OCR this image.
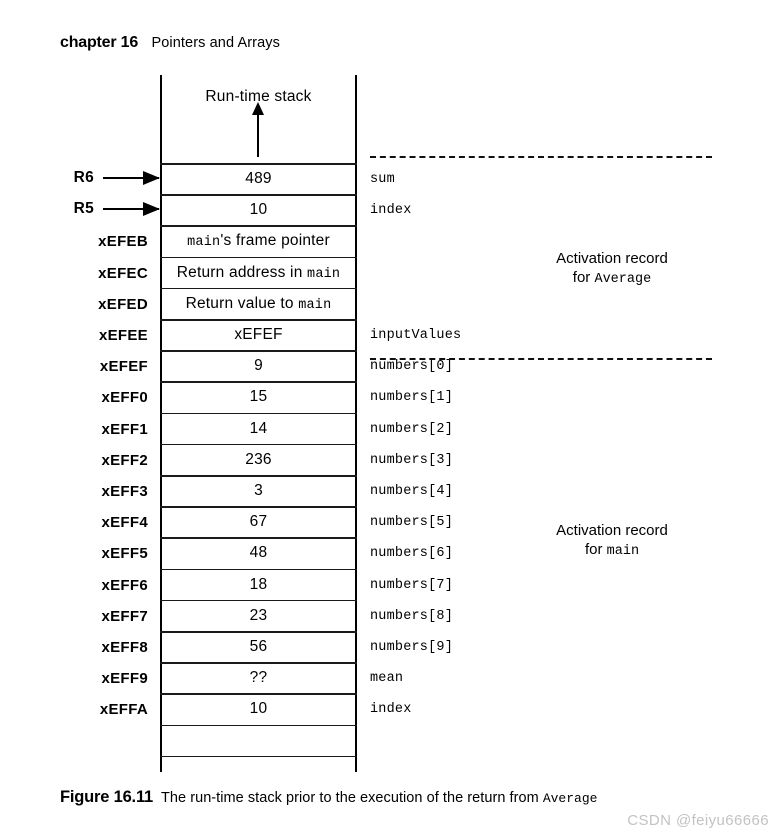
chapter 16 Pointers and Arrays
Run-time stack
xEFEB
xEFEC
xEFED
xEFEE
xEFEF
xEFF0
xEFF1
xEFF2
xEFF3
xEFF4
xEFF5
xEFF6
xEFF7
xEFF8
xEFF9
xEFFA
489
10
main's frame pointer
Return address in main
Return value to main
xEFEF
9
15
14
236
3
67
48
18
23
56
??
10
sum
index
inputValues
numbers[0]
numbers[1]
numbers[2]
numbers[3]
numbers[4]
numbers[5]
numbers[6]
numbers[7]
numbers[8]
numbers[9]
mean
index
R6
R5
Activation record
for Average
Activation record
for main
Figure 16.11 The run-time stack prior to the execution of the return from Average
CSDN @feiyu66666
